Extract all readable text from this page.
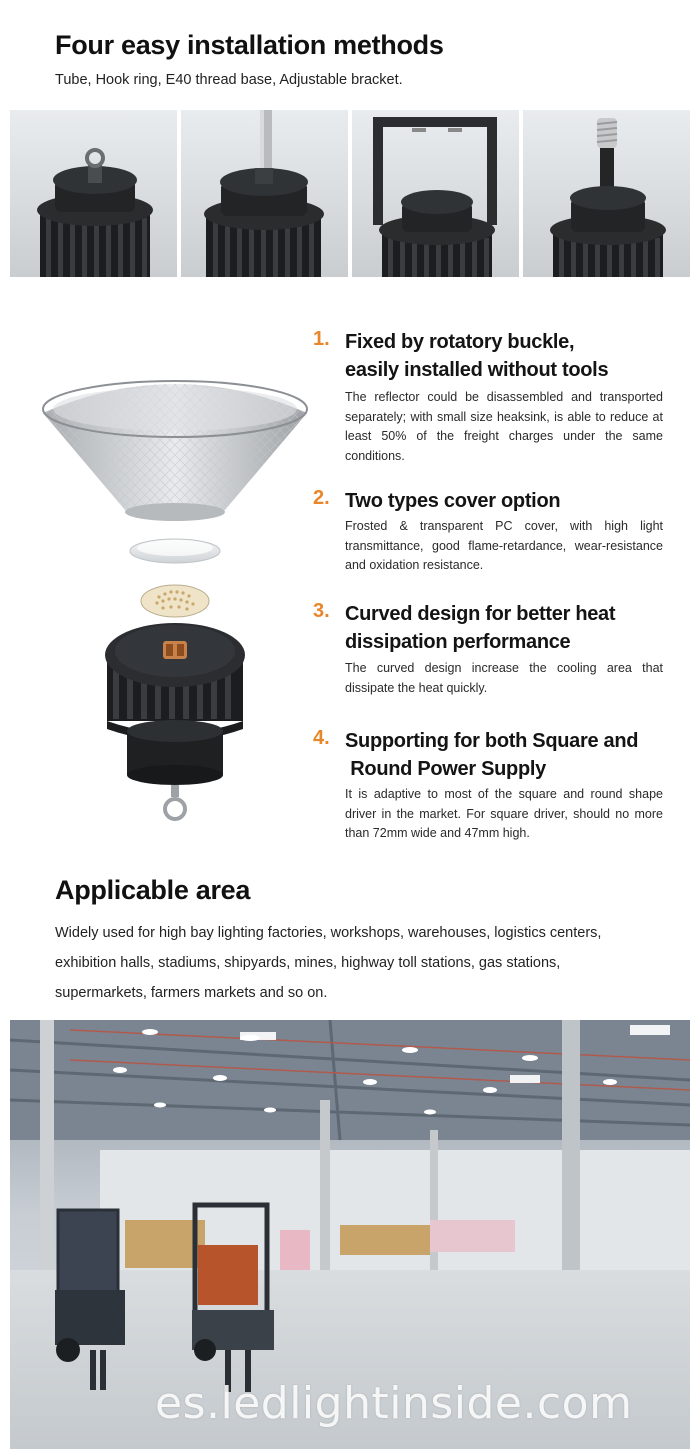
Four easy installation methods
Tube, Hook ring, E40 thread base, Adjustable bracket.
1. Fixed by rotatory buckle,
easily installed without tools
The reflector could be disassembled and transported separately; with small size heaksink, is able to reduce at least 50% of the freight charges under the same conditions.
2. Two types cover option
Frosted & transparent PC cover, with high light transmittance, good flame-retardance, wear-resistance and oxidation resistance.
3. Curved design for better heat
dissipation performance
The curved design increase the cooling area that dissipate the heat quickly.
4. Supporting for both Square and
Round Power Supply
It is adaptive to most of the square and round shape driver in the market. For square driver, should no more than 72mm wide and 47mm high.
Applicable area
Widely used for high bay lighting factories, workshops, warehouses, logistics centers,
exhibition halls, stadiums, shipyards, mines, highway toll stations, gas stations,
supermarkets, farmers markets and so on.
es.ledlightinside.com
